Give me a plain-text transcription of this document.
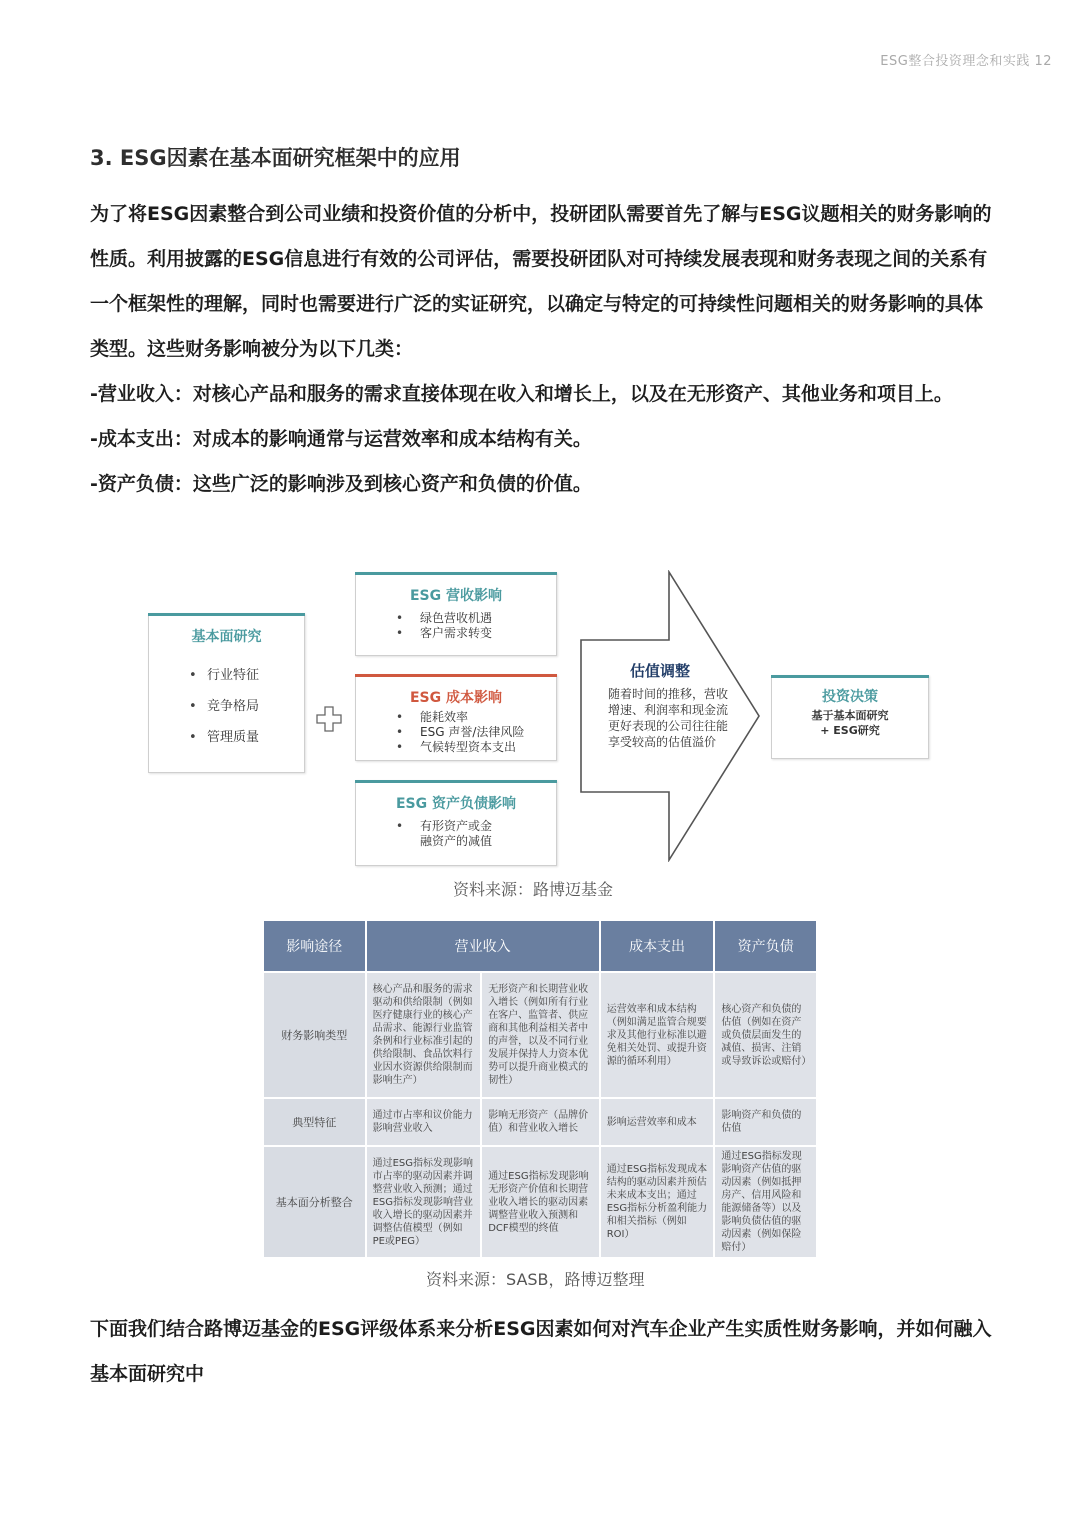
ESG整合投资理念和实践 12
3. ESG因素在基本面研究框架中的应用

为了将ESG因素整合到公司业绩和投资价值的分析中，投研团队需要首先了解与ESG议题相关的财务影响的性质。利用披露的ESG信息进行有效的公司评估，需要投研团队对可持续发展表现和财务表现之间的关系有一个框架性的理解，同时也需要进行广泛的实证研究，以确定与特定的可持续性问题相关的财务影响的具体类型。这些财务影响被分为以下几类：

-营业收入：对核心产品和服务的需求直接体现在收入和增长上，以及在无形资产、其他业务和项目上。

-成本支出：对成本的影响通常与运营效率和成本结构有关。

-资产负债：这些广泛的影响涉及到核心资产和负债的价值。

基本面研究
• 行业特征
• 竞争格局
• 管理质量
ESG 营收影响
• 绿色营收机遇
• 客户需求转变
ESG 成本影响
• 能耗效率
• ESG 声誉/法律风险
• 气候转型资本支出
ESG 资产负债影响
• 有形资产或金融资产的减值
估值调整
随着时间的推移，营收增速、利润率和现金流更好表现的公司往往能享受较高的估值溢价
投资决策
基于基本面研究
+ ESG研究
资料来源：路博迈基金
影响途径	营业收入		成本支出	资产负债
财务影响类型	核心产品和服务的需求驱动和供给限制（例如医疗健康行业的核心产品需求、能源行业监管条例和行业标准引起的供给限制、食品饮料行业因水资源供给限制而影响生产）	无形资产和长期营业收入增长（例如所有行业在客户、监管者、供应商和其他利益相关者中的声誉，以及不同行业发展并保持人力资本优势可以提升商业模式的韧性）	运营效率和成本结构（例如满足监管合规要求及其他行业标准以避免相关处罚、或提升资源的循环利用）	核心资产和负债的估值（例如在资产或负债层面发生的减值、损害、注销或导致诉讼或赔付）
典型特征	通过市占率和议价能力影响营业收入	影响无形资产（品牌价值）和营业收入增长	影响运营效率和成本	影响资产和负债的估值
基本面分析整合	通过ESG指标发现影响市占率的驱动因素并调整营业收入预测；通过ESG指标发现影响营业收入增长的驱动因素并调整估值模型（例如PE或PEG）	通过ESG指标发现影响无形资产价值和长期营业收入增长的驱动因素调整营业收入预测和DCF模型的终值	通过ESG指标发现成本结构的驱动因素并预估未来成本支出；通过ESG指标分析盈利能力和相关指标（例如ROI）	通过ESG指标发现影响资产估值的驱动因素（例如抵押房产、信用风险和能源储备等）以及影响负债估值的驱动因素（例如保险赔付）
资料来源：SASB，路博迈整理

下面我们结合路博迈基金的ESG评级体系来分析ESG因素如何对汽车企业产生实质性财务影响，并如何融入基本面研究中
